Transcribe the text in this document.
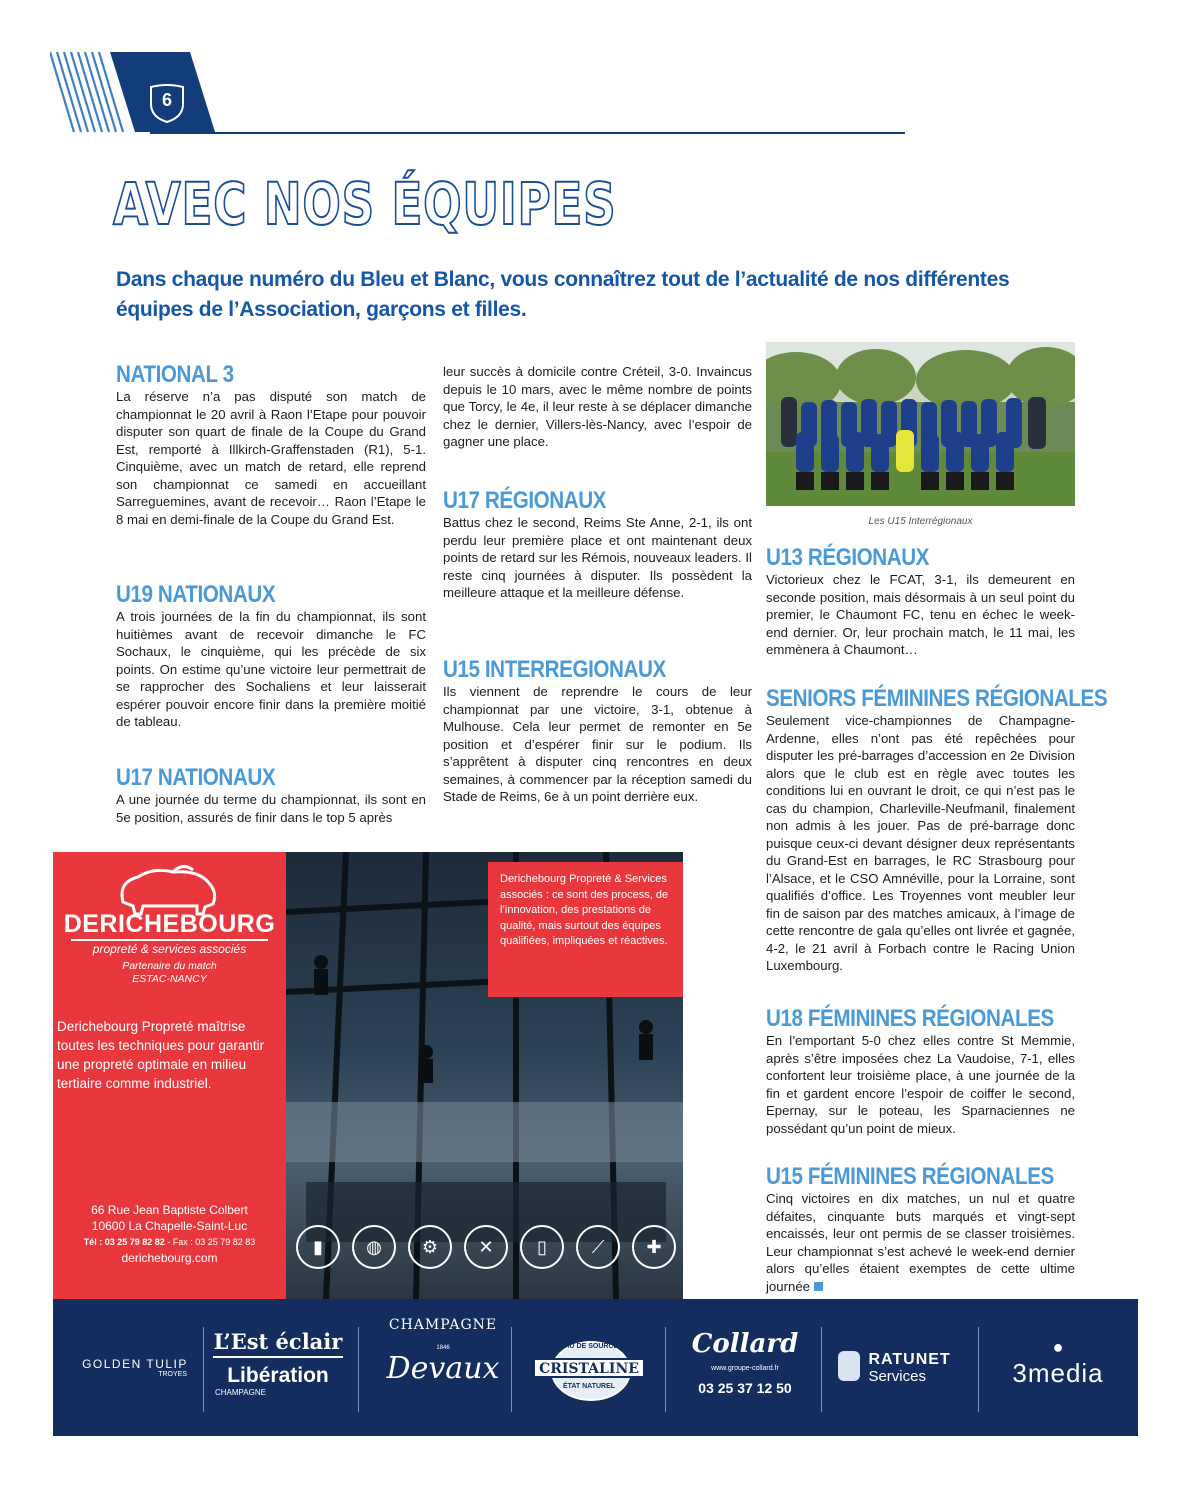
6
AVEC NOS ÉQUIPES
Dans chaque numéro du Bleu et Blanc, vous connaîtrez tout de l’actualité de nos différentes équipes de l’Association, garçons et filles.
NATIONAL 3
La réserve n’a pas disputé son match de championnat le 20 avril à Raon l’Etape pour pouvoir disputer son quart de finale de la Coupe du Grand Est, remporté à Illkirch-Graffenstaden (R1), 5-1. Cinquième, avec un match de retard, elle reprend son championnat ce samedi en accueillant Sarreguemines, avant de recevoir… Raon l’Etape le 8 mai en demi-finale de la Coupe du Grand Est.
U19 NATIONAUX
A trois journées de la fin du championnat, ils sont huitièmes avant de recevoir dimanche le FC Sochaux, le cinquième, qui les précède de six points. On estime qu’une victoire leur permettrait de se rapprocher des Sochaliens et leur laisserait espérer pouvoir encore finir dans la première moitié de tableau.
U17 NATIONAUX
A une journée du terme du championnat, ils sont en 5e position, assurés de finir dans le top 5 après
leur succès à domicile contre Créteil, 3-0. Invaincus depuis le 10 mars, avec le même nombre de points que Torcy, le 4e, il leur reste à se déplacer dimanche chez le dernier, Villers-lès-Nancy, avec l’espoir de gagner une place.
U17 RÉGIONAUX
Battus chez le second, Reims Ste Anne, 2-1, ils ont perdu leur première place et ont maintenant deux points de retard sur les Rémois, nouveaux leaders. Il reste cinq journées à disputer. Ils possèdent la meilleure attaque et la meilleure défense.
U15 INTERREGIONAUX
Ils viennent de reprendre le cours de leur championnat par une victoire, 3-1, obtenue à Mulhouse. Cela leur permet de remonter en 5e position et d’espérer finir sur le podium. Ils s’apprêtent à disputer cinq rencontres en deux semaines, à commencer par la réception samedi du Stade de Reims, 6e à un point derrière eux.
Les U15 Interrégionaux
U13 RÉGIONAUX
Victorieux chez le FCAT, 3-1, ils demeurent en seconde position, mais désormais à un seul point du premier, le Chaumont FC, tenu en échec le week-end dernier. Or, leur prochain match, le 11 mai, les emmènera à Chaumont…
SENIORS FÉMININES RÉGIONALES
Seulement vice-championnes de Champagne-Ardenne, elles n’ont pas été repêchées pour disputer les pré-barrages d’accession en 2e Division alors que le club est en règle avec toutes les conditions lui en ouvrant le droit, ce qui n’est pas le cas du champion, Charleville-Neufmanil, finalement non admis à les jouer. Pas de pré-barrage donc puisque ceux-ci devant désigner deux représentants du Grand-Est en barrages, le RC Strasbourg pour l’Alsace, et le CSO Amnéville, pour la Lorraine, sont qualifiés d’office. Les Troyennes vont meubler leur fin de saison par des matches amicaux, à l’image de cette rencontre de gala qu’elles ont livrée et gagnée, 4-2, le 21 avril à Forbach contre le Racing Union Luxembourg.
U18 FÉMININES RÉGIONALES
En l’emportant 5-0 chez elles contre St Memmie, après s’être imposées chez La Vaudoise, 7-1, elles confortent leur troisième place, à une journée de la fin et gardent encore l’espoir de coiffer le second, Epernay, sur le poteau, les Sparnaciennes ne possédant qu’un point de mieux.
U15 FÉMININES RÉGIONALES
Cinq victoires en dix matches, un nul et quatre défaites, cinquante buts marqués et vingt-sept encaissés, leur ont permis de se classer troisièmes. Leur championnat s’est achevé le week-end dernier alors qu’elles étaient exemptes de cette ultime journée
DERICHEBOURG
propreté & services associés
Partenaire du match
ESTAC-NANCY
Derichebourg Propreté maîtrise toutes les techniques pour garantir une propreté optimale en milieu tertiaire comme industriel.
66 Rue Jean Baptiste Colbert
10600 La Chapelle-Saint-Luc
Tél : 03 25 79 82 82 - Fax : 03 25 79 82 83
derichebourg.com
▮	◍	⚙	✕	▯	⟋	✚
Derichebourg Propreté & Services associés : ce sont des process, de l’innovation, des prestations de qualité, mais surtout des équipes qualifiées, impliquées et réactives.
GOLDEN TULIP
TROYES
L’Est éclair
Libération
CHAMPAGNE
CHAMPAGNE
1846
Devaux
EAU DE SOURCE
CRISTALINE
ÉTAT NATUREL
Collard
www.groupe-collard.fr
03 25 37 12 50

RATUNET
Services
●
3media
